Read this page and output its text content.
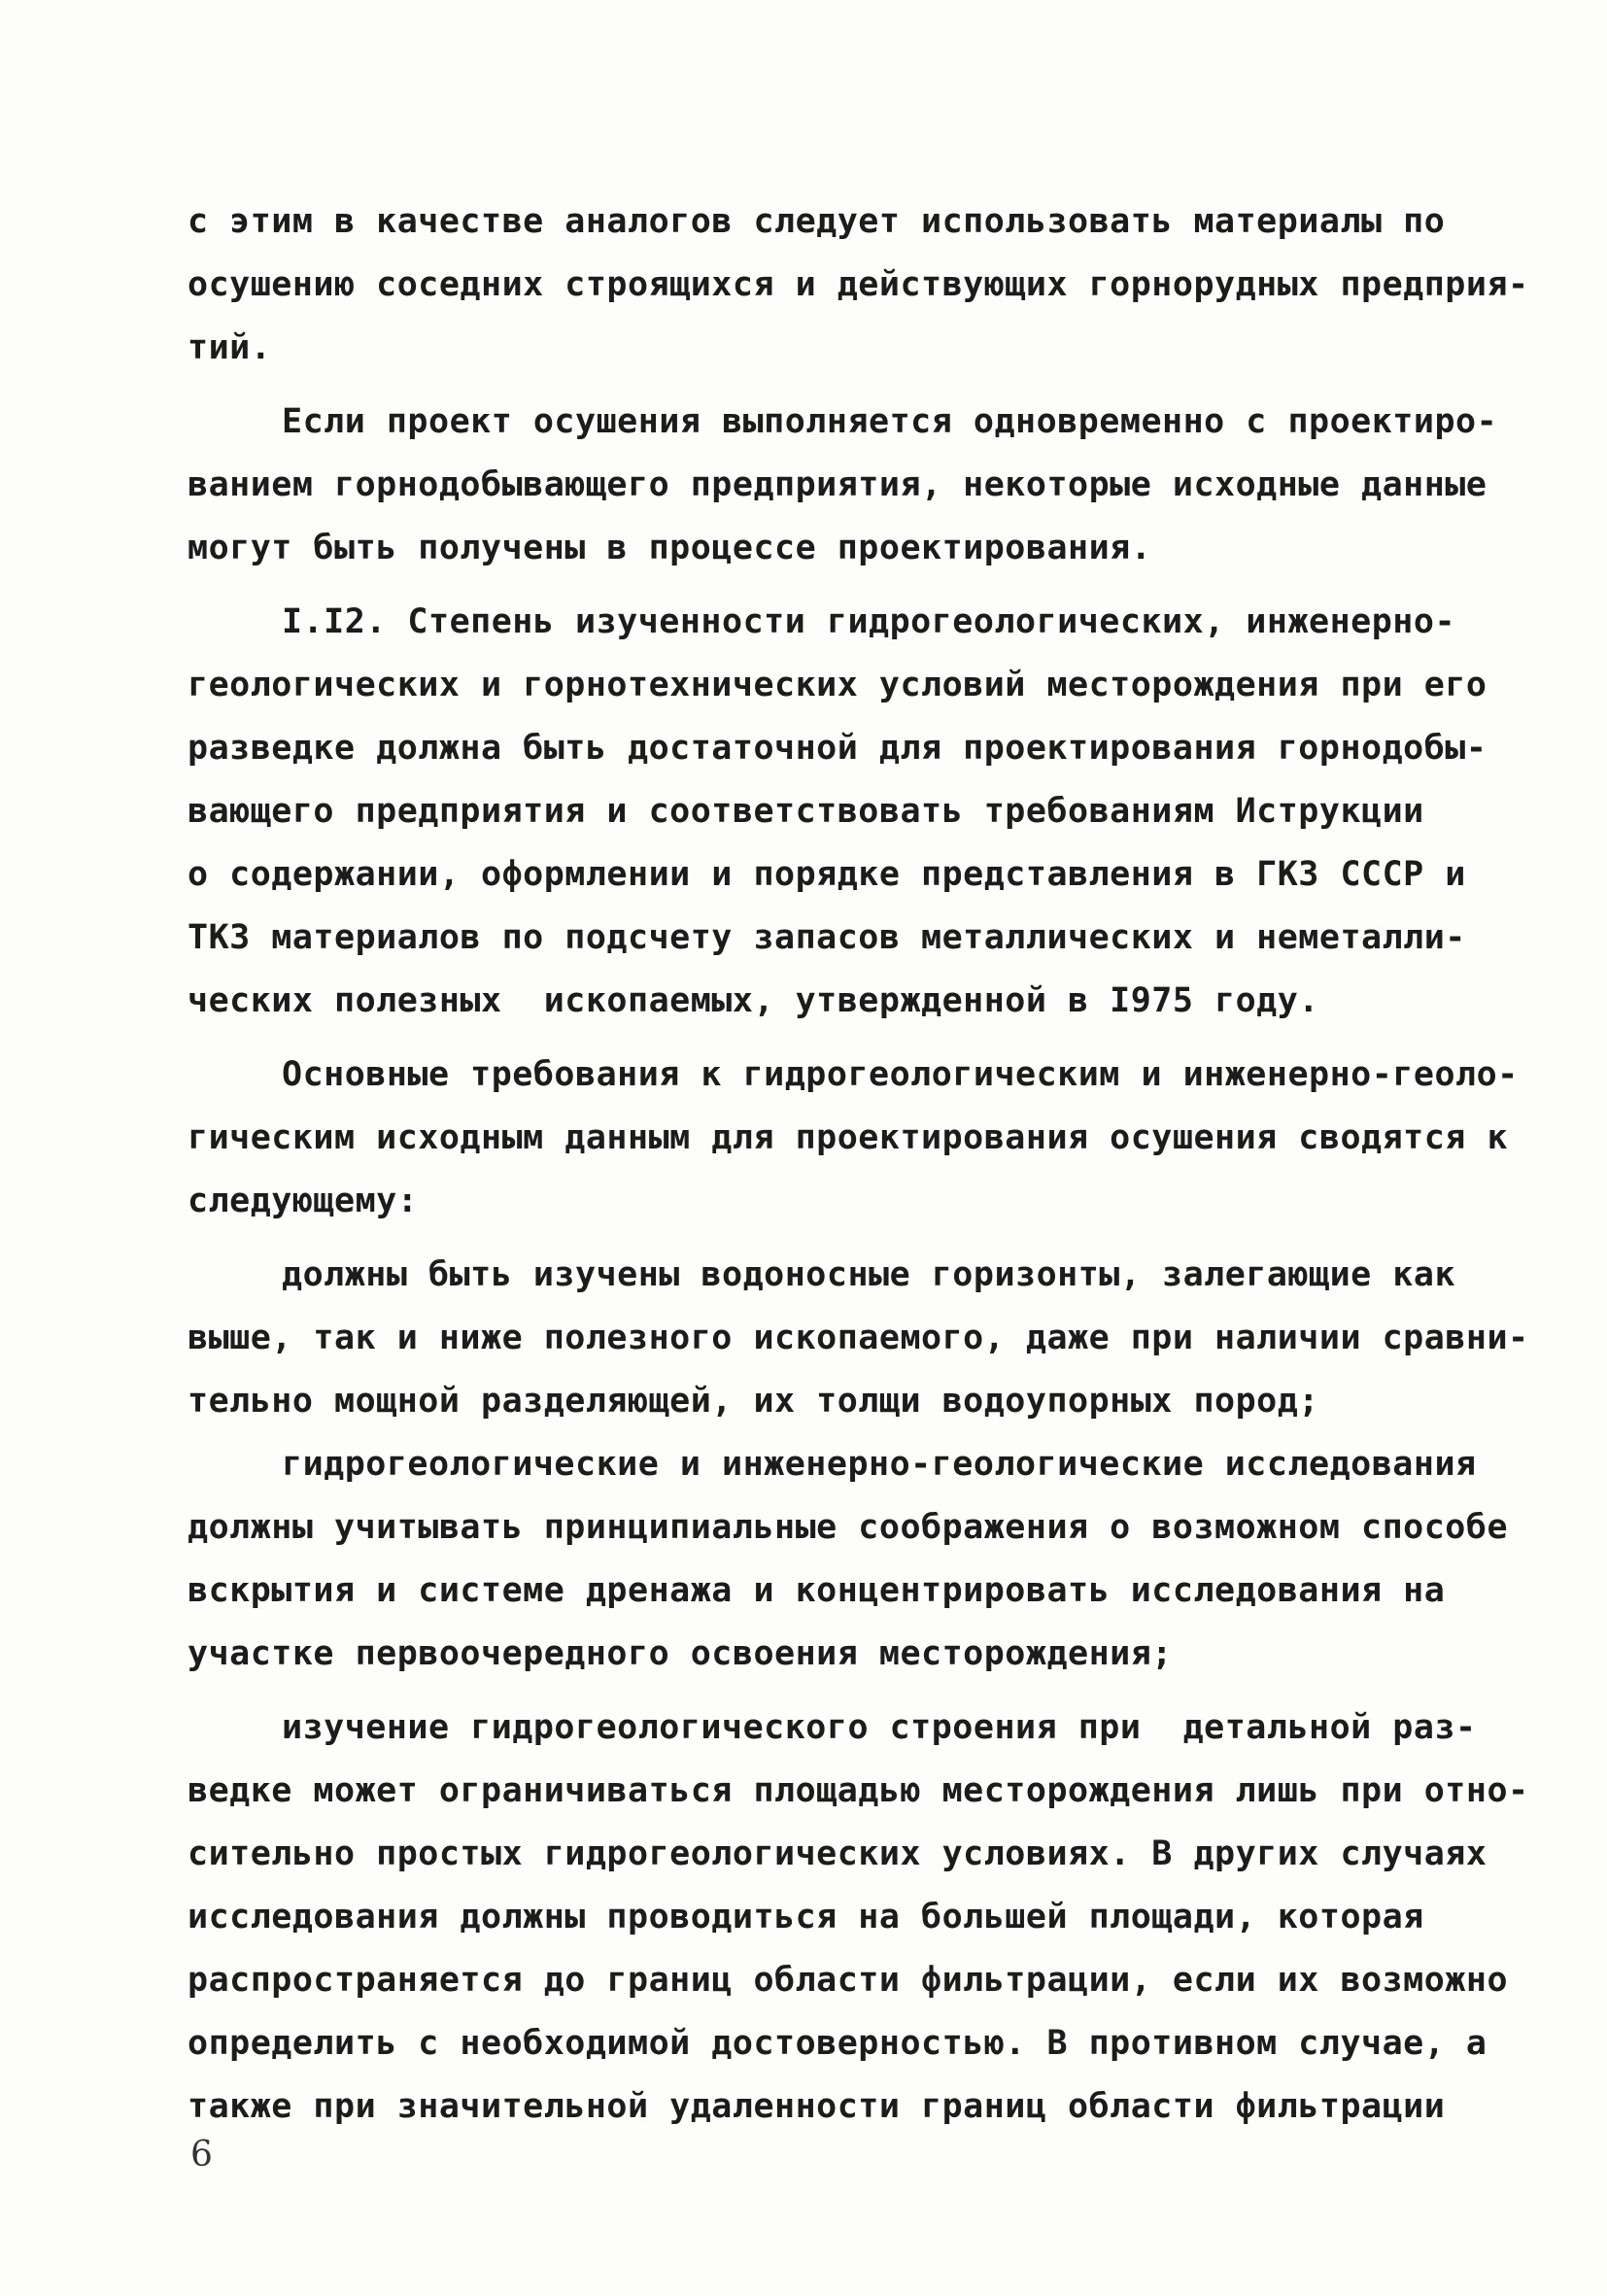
с этим в качестве аналогов следует использовать материалы по
осушению соседних строящихся и действующих горнорудных предприя-
тий.
Если проект осушения выполняется одновременно с проектиро-
ванием горнодобывающего предприятия, некоторые исходные данные
могут быть получены в процессе проектирования.
I.I2. Степень изученности гидрогеологических, инженерно-
геологических и горнотехнических условий месторождения при его
разведке должна быть достаточной для проектирования горнодобы-
вающего предприятия и соответствовать требованиям Иструкции
о содержании, оформлении и порядке представления в ГКЗ СССР и
ТКЗ материалов по подсчету запасов металлических и неметалли-
ческих полезных  ископаемых, утвержденной в I975 году.
Основные требования к гидрогеологическим и инженерно-геоло-
гическим исходным данным для проектирования осушения сводятся к
следующему:
должны быть изучены водоносные горизонты, залегающие как
выше, так и ниже полезного ископаемого, даже при наличии сравни-
тельно мощной разделяющей, их толщи водоупорных пород;
гидрогеологические и инженерно-геологические исследования
должны учитывать принципиальные соображения о возможном способе
вскрытия и системе дренажа и концентрировать исследования на
участке первоочередного освоения месторождения;
изучение гидрогеологического строения при  детальной раз-
ведке может ограничиваться площадью месторождения лишь при отно-
сительно простых гидрогеологических условиях. В других случаях
исследования должны проводиться на большей площади, которая
распространяется до границ области фильтрации, если их возможно
определить с необходимой достоверностью. В противном случае, а
также при значительной удаленности границ области фильтрации
6
